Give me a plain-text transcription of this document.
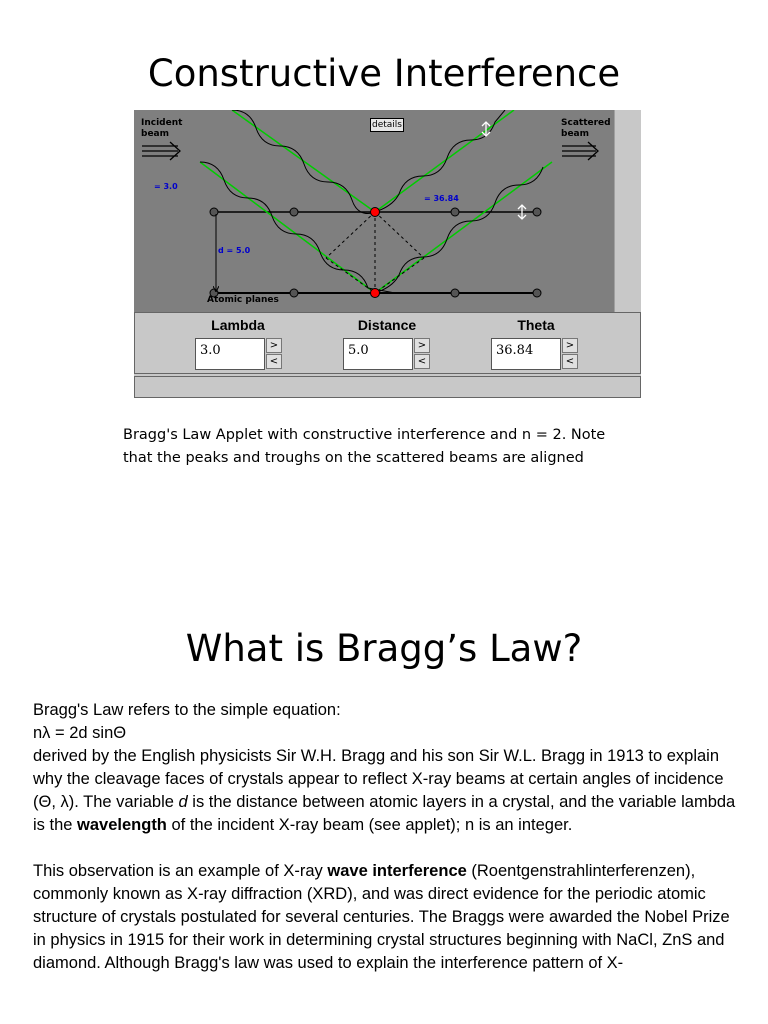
Constructive Interference
Incident beam
Scattered beam
details
= 3.0
= 36.84
d = 5.0
Atomic planes
Lambda
3.0	>
<
Distance
5.0	>
<
Theta
36.84	>
<
Bragg's Law Applet with constructive interference and n = 2. Note
that the peaks and troughs on the scattered beams are aligned
What is Bragg’s Law?

Bragg's Law refers to the simple equation:

nλ = 2d sinΘ

derived by the English physicists Sir W.H. Bragg and his son Sir W.L. Bragg in 1913 to explain why the cleavage faces of crystals appear to reflect X-ray beams at certain angles of incidence (Θ, λ). The variable d is the distance between atomic layers in a crystal, and the variable lambda is the wavelength of the incident X-ray beam (see applet); n is an integer.

This observation is an example of X-ray wave interference (Roentgenstrahlinterferenzen), commonly known as X-ray diffraction (XRD), and was direct evidence for the periodic atomic structure of crystals postulated for several centuries. The Braggs were awarded the Nobel Prize in physics in 1915 for their work in determining crystal structures beginning with NaCl, ZnS and diamond. Although Bragg's law was used to explain the interference pattern of X-
